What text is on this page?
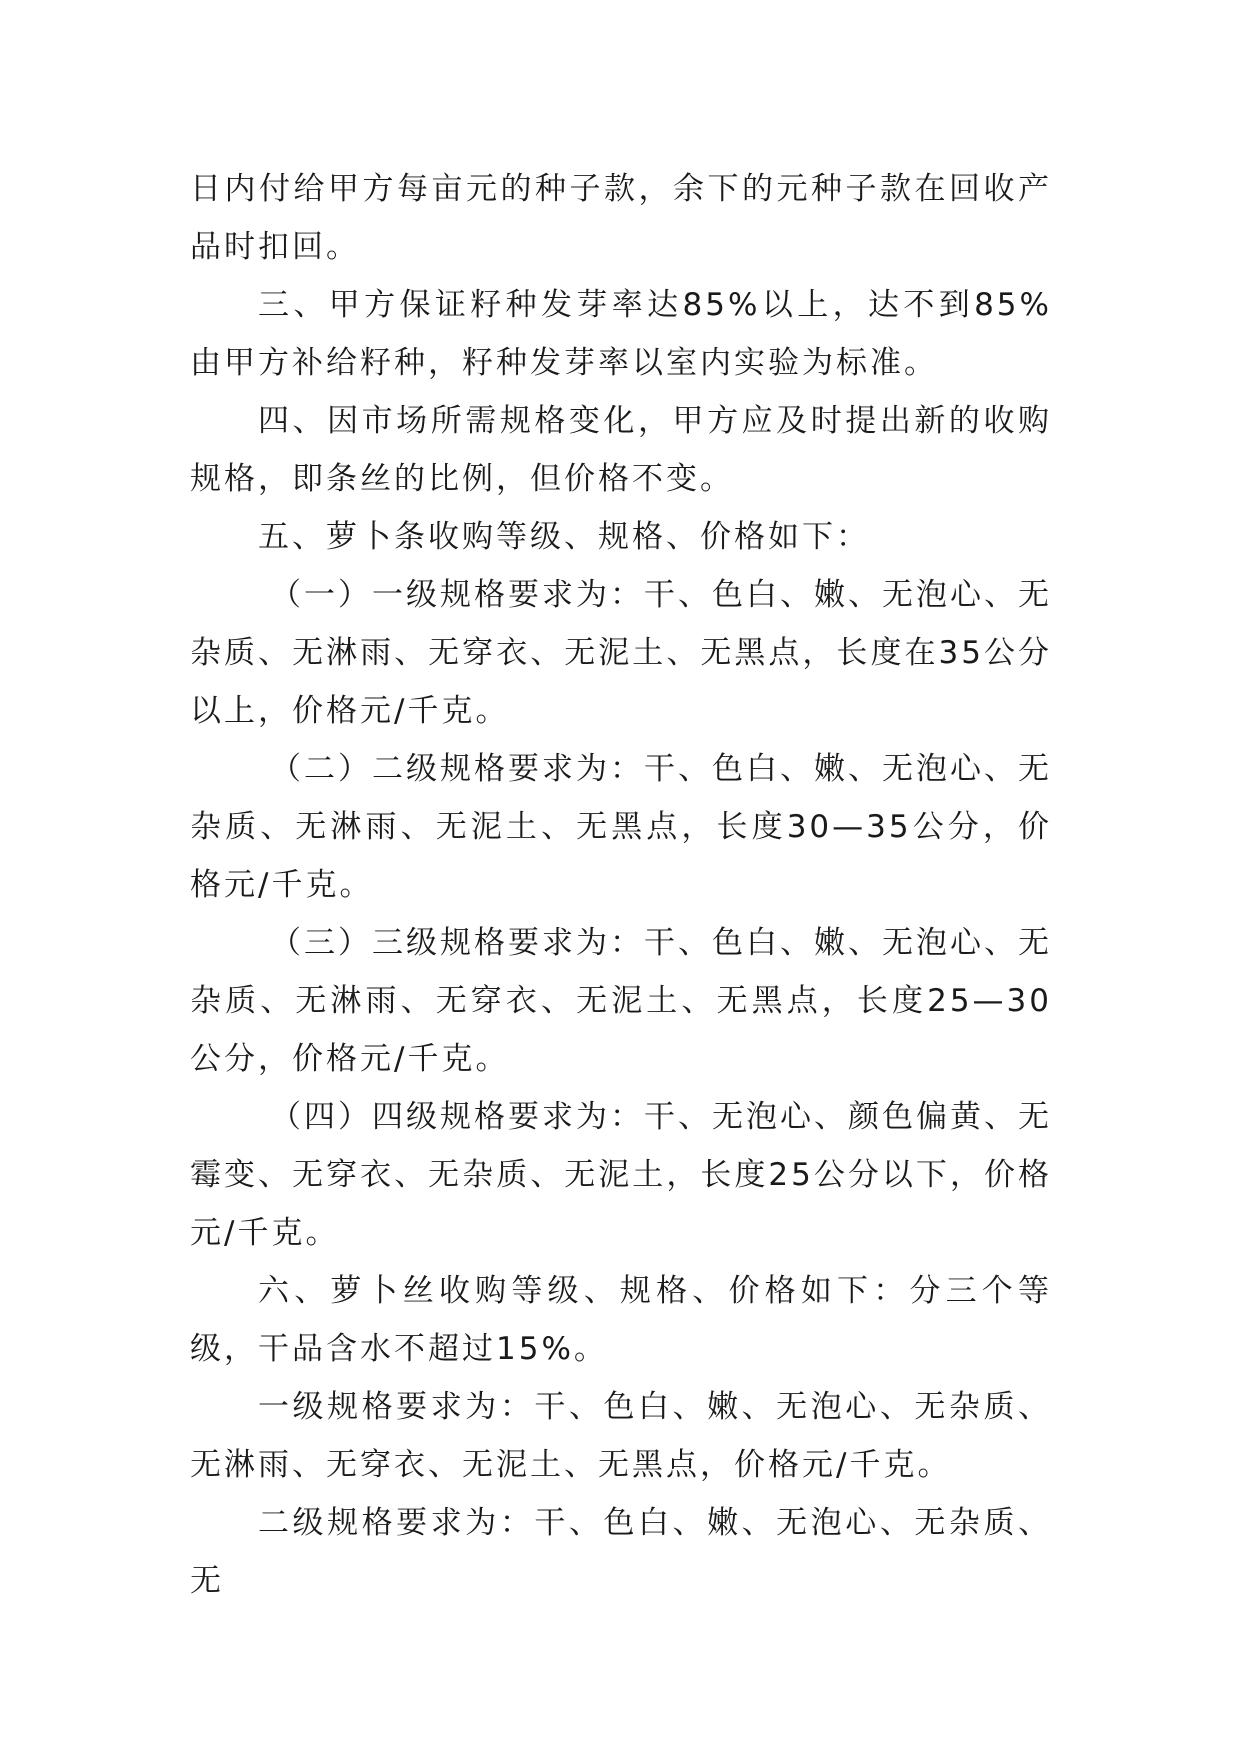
日内付给甲方每亩元的种子款，余下的元种子款在回收产品时扣回。

三、甲方保证籽种发芽率达85%以上，达不到85%由甲方补给籽种，籽种发芽率以室内实验为标准。

四、因市场所需规格变化，甲方应及时提出新的收购规格，即条丝的比例，但价格不变。

五、萝卜条收购等级、规格、价格如下：

（一）一级规格要求为：干、色白、嫩、无泡心、无杂质、无淋雨、无穿衣、无泥土、无黑点，长度在35公分以上，价格元/千克。

（二）二级规格要求为：干、色白、嫩、无泡心、无杂质、无淋雨、无泥土、无黑点，长度30—35公分，价格元/千克。

（三）三级规格要求为：干、色白、嫩、无泡心、无杂质、无淋雨、无穿衣、无泥土、无黑点，长度25—30公分，价格元/千克。

（四）四级规格要求为：干、无泡心、颜色偏黄、无霉变、无穿衣、无杂质、无泥土，长度25公分以下，价格元/千克。

六、萝卜丝收购等级、规格、价格如下：分三个等级，干品含水不超过15%。

一级规格要求为：干、色白、嫩、无泡心、无杂质、无淋雨、无穿衣、无泥土、无黑点，价格元/千克。

二级规格要求为：干、色白、嫩、无泡心、无杂质、无
